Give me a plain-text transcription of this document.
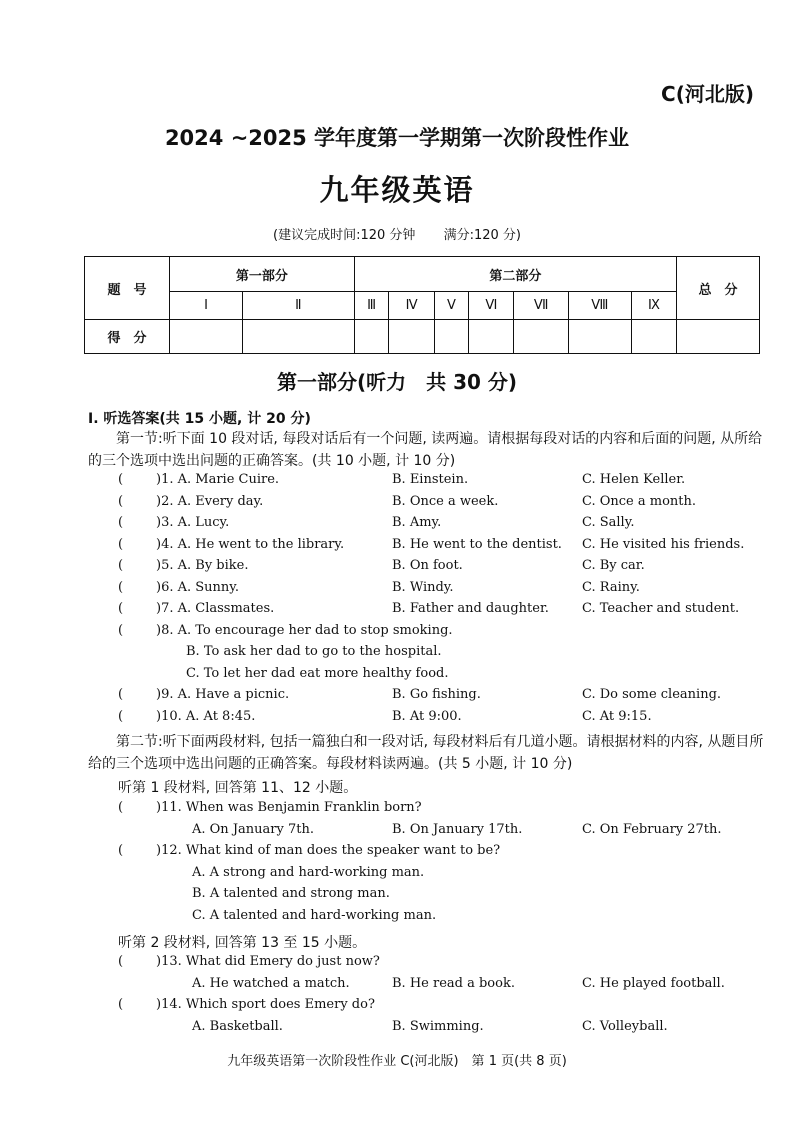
C(河北版)
2024 ~2025 学年度第一学期第一次阶段性作业
九年级英语
(建议完成时间:120 分钟 满分:120 分)
题　号	第一部分		第二部分							总　分
	Ⅰ	Ⅱ	Ⅲ	Ⅳ	Ⅴ	Ⅵ	Ⅶ	Ⅷ	Ⅸ	
得　分										
第一部分(听力　共 30 分)
Ⅰ. 听选答案(共 15 小题, 计 20 分)
第一节:听下面 10 段对话, 每段对话后有一个问题, 读两遍。请根据每段对话的内容和后面的问题, 从所给的三个选项中选出问题的正确答案。(共 10 小题, 计 10 分)
(	)1. A. Marie Cuire.	B. Einstein.	C. Helen Keller.
(	)2. A. Every day.	B. Once a week.	C. Once a month.
(	)3. A. Lucy.	B. Amy.	C. Sally.
(	)4. A. He went to the library.	B. He went to the dentist. C. He visited his friends.
(	)5. A. By bike.	B. On foot.	C. By car.
(	)6. A. Sunny.	B. Windy.	C. Rainy.
(	)7. A. Classmates.	B. Father and daughter.	C. Teacher and student.
(	)8. A. To encourage her dad to stop smoking.
B. To ask her dad to go to the hospital.
C. To let her dad eat more healthy food.
(	)9. A. Have a picnic.	B. Go fishing.	C. Do some cleaning.
(	)10. A. At 8:45.	B. At 9:00.	C. At 9:15.
第二节:听下面两段材料, 包括一篇独白和一段对话, 每段材料后有几道小题。请根据材料的内容, 从题目所给的三个选项中选出问题的正确答案。每段材料读两遍。(共 5 小题, 计 10 分)
听第 1 段材料, 回答第 11、12 小题。
(	)11. When was Benjamin Franklin born?
A. On January 7th.	B. On January 17th.	C. On February 27th.
(	)12. What kind of man does the speaker want to be?
A. A strong and hard-working man.
B. A talented and strong man.
C. A talented and hard-working man.
听第 2 段材料, 回答第 13 至 15 小题。
(	)13. What did Emery do just now?
A. He watched a match.	B. He read a book.	C. He played football.
(	)14. Which sport does Emery do?
A. Basketball.	B. Swimming.	C. Volleyball.
九年级英语第一次阶段性作业 C(河北版)　第 1 页(共 8 页)
